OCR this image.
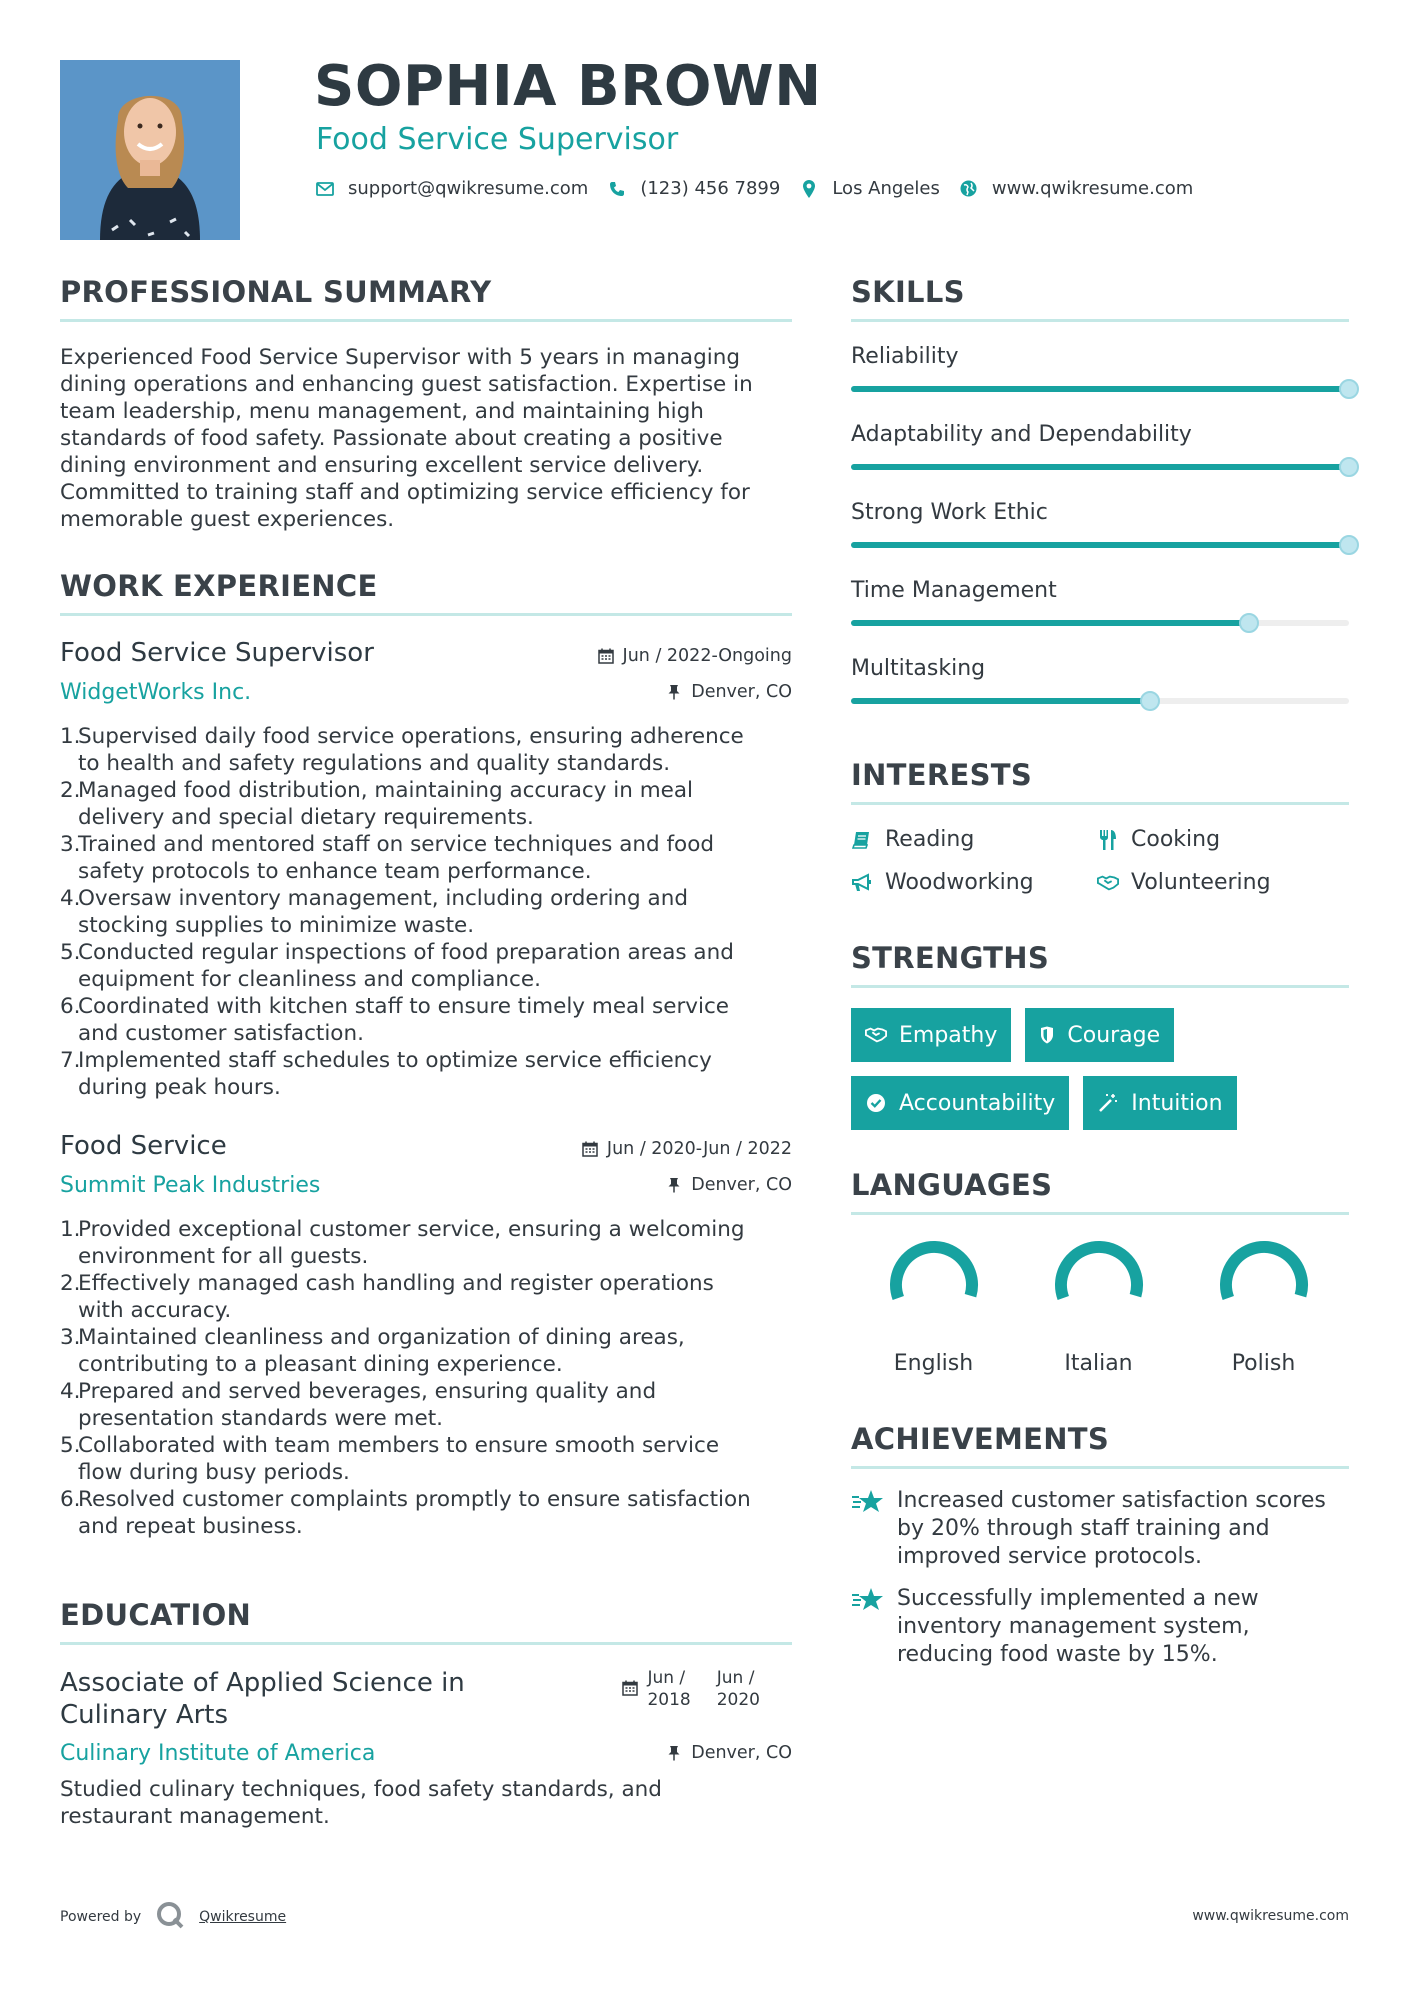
SOPHIA BROWN
Food Service Supervisor
support@qwikresume.com	(123) 456 7899	Los Angeles	www.qwikresume.com
PROFESSIONAL SUMMARY
Experienced Food Service Supervisor with 5 years in managing
dining operations and enhancing guest satisfaction. Expertise in
team leadership, menu management, and maintaining high
standards of food safety. Passionate about creating a positive
dining environment and ensuring excellent service delivery.
Committed to training staff and optimizing service efficiency for
memorable guest experiences.
WORK EXPERIENCE
Food Service Supervisor	Jun / 2022-Ongoing
WidgetWorks Inc.	Denver, CO
1.
Supervised daily food service operations, ensuring adherence
to health and safety regulations and quality standards.
2.
Managed food distribution, maintaining accuracy in meal
delivery and special dietary requirements.
3.
Trained and mentored staff on service techniques and food
safety protocols to enhance team performance.
4.
Oversaw inventory management, including ordering and
stocking supplies to minimize waste.
5.
Conducted regular inspections of food preparation areas and
equipment for cleanliness and compliance.
6.
Coordinated with kitchen staff to ensure timely meal service
and customer satisfaction.
7.
Implemented staff schedules to optimize service efficiency
during peak hours.
Food Service	Jun / 2020-Jun / 2022
Summit Peak Industries	Denver, CO
1.
Provided exceptional customer service, ensuring a welcoming
environment for all guests.
2.
Effectively managed cash handling and register operations
with accuracy.
3.
Maintained cleanliness and organization of dining areas,
contributing to a pleasant dining experience.
4.
Prepared and served beverages, ensuring quality and
presentation standards were met.
5.
Collaborated with team members to ensure smooth service
flow during busy periods.
6.
Resolved customer complaints promptly to ensure satisfaction
and repeat business.
EDUCATION
Associate of Applied Science in
Culinary Arts
Jun /
2018
Jun /
2020
Culinary Institute of America	Denver, CO
Studied culinary techniques, food safety standards, and
restaurant management.
SKILLS
Reliability
Adaptability and Dependability
Strong Work Ethic
Time Management
Multitasking
INTERESTS
Reading	Cooking
Woodworking	Volunteering
STRENGTHS
Empathy	Courage
Accountability	Intuition
LANGUAGES
English	Italian	Polish
ACHIEVEMENTS
Increased customer satisfaction scores
by 20% through staff training and
improved service protocols.
Successfully implemented a new
inventory management system,
reducing food waste by 15%.
Powered by	Qwikresume	www.qwikresume.com
